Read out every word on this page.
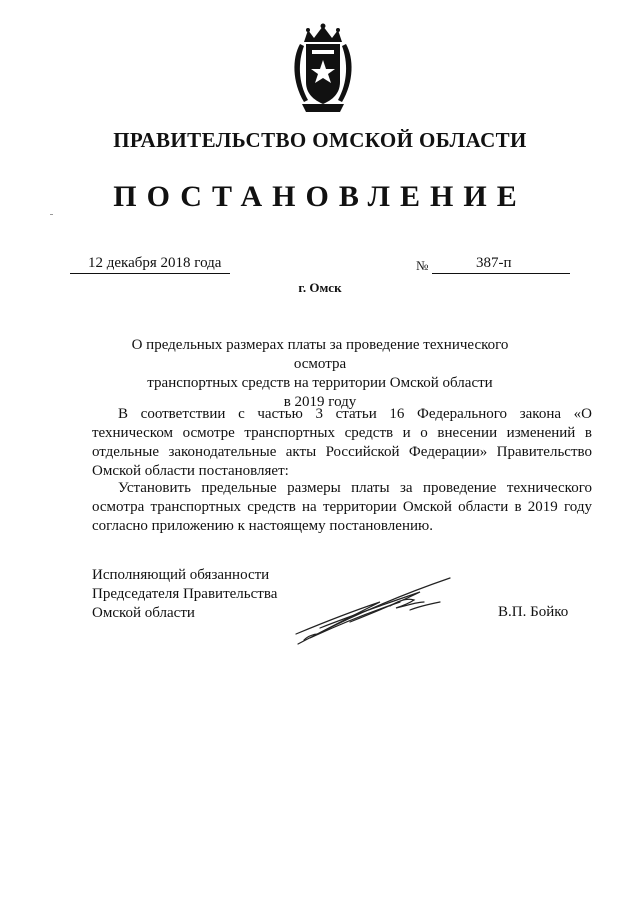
ПРАВИТЕЛЬСТВО ОМСКОЙ ОБЛАСТИ
ПОСТАНОВЛЕНИЕ
12 декабря 2018 года	№	387-п
г. Омск
О предельных размерах платы за проведение технического осмотра
транспортных средств на территории Омской области
в 2019 году
В соответствии с частью 3 статьи 16 Федерального закона «О техническом осмотре транспортных средств и о внесении изменений в отдельные законодательные акты Российской Федерации» Правительство Омской области постановляет:
Установить предельные размеры платы за проведение технического осмотра транспортных средств на территории Омской области в 2019 году согласно приложению к настоящему постановлению.
Исполняющий обязанности
Председателя Правительства
Омской области	В.П. Бойко
